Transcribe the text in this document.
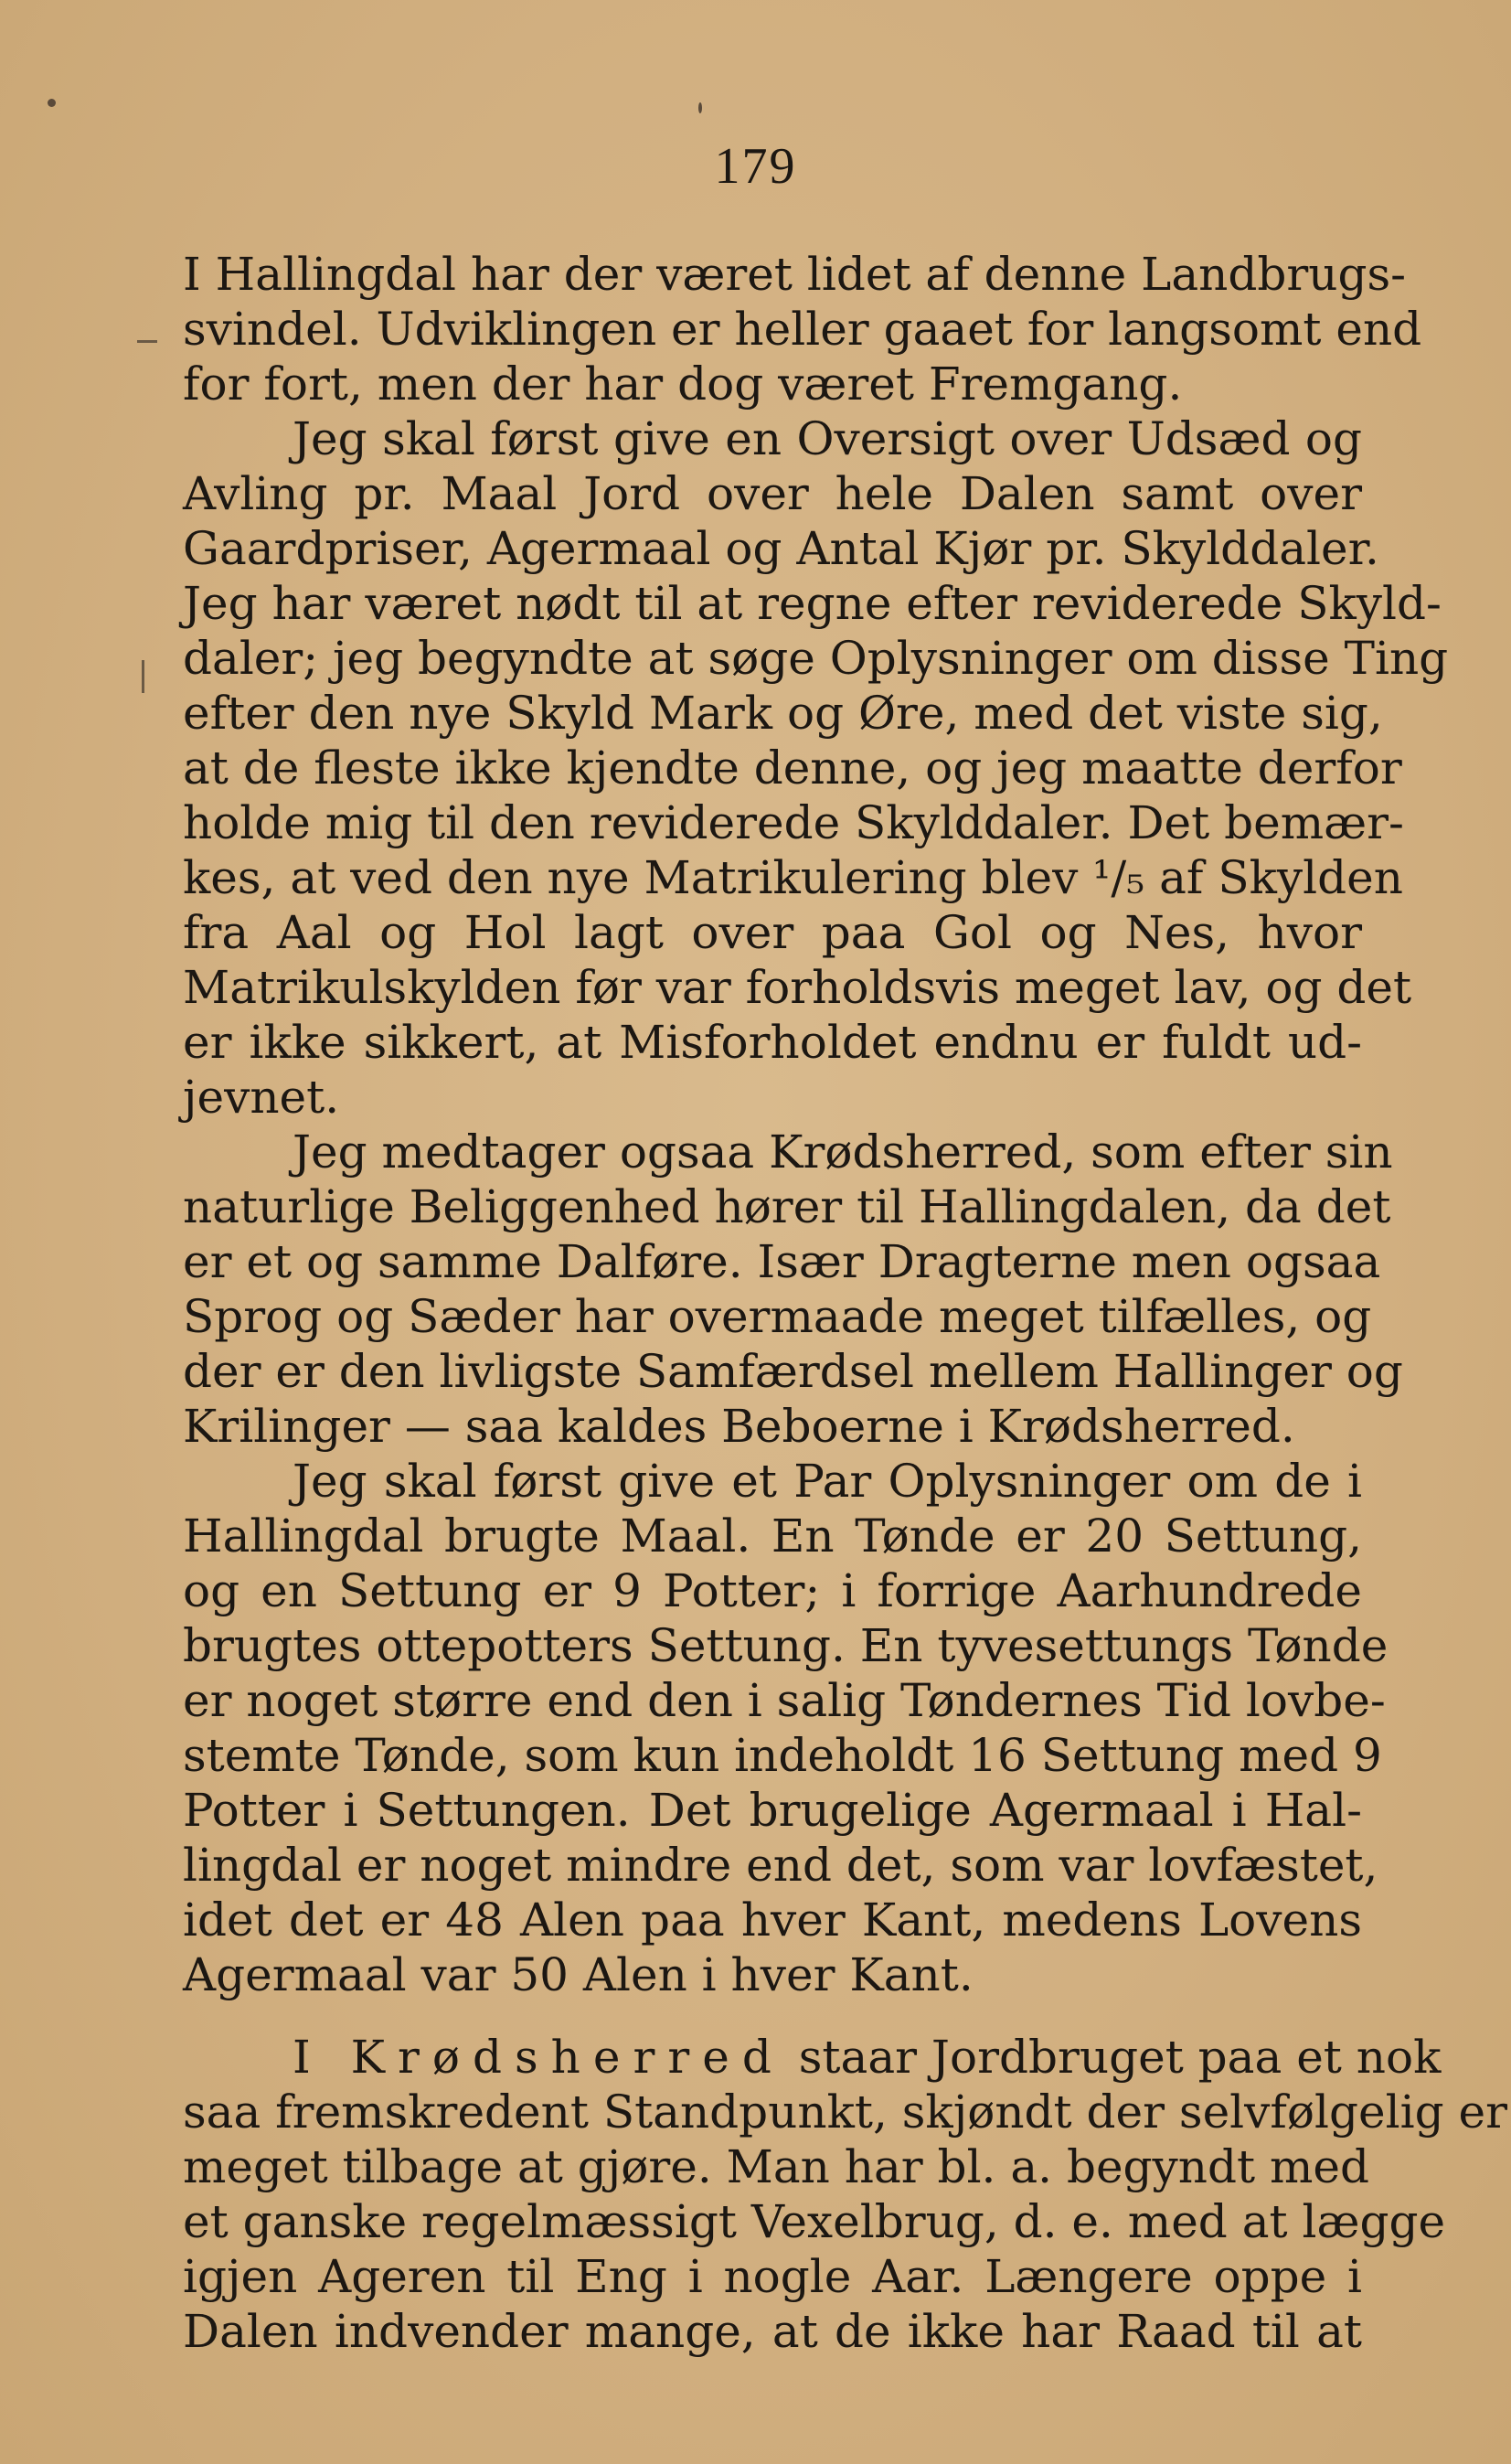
179
I Hallingdal har der været lidet af denne Landbrugs-
svindel. Udviklingen er heller gaaet for langsomt end
for fort, men der har dog været Fremgang.
Jeg skal først give en Oversigt over Udsæd og
Avling pr. Maal Jord over hele Dalen samt over
Gaardpriser, Agermaal og Antal Kjør pr. Skylddaler.
Jeg har været nødt til at regne efter reviderede Skyld-
daler; jeg begyndte at søge Oplysninger om disse Ting
efter den nye Skyld Mark og Øre, med det viste sig,
at de fleste ikke kjendte denne, og jeg maatte derfor
holde mig til den reviderede Skylddaler. Det bemær-
kes, at ved den nye Matrikulering blev ¹/₅ af Skylden
fra Aal og Hol lagt over paa Gol og Nes, hvor
Matrikulskylden før var forholdsvis meget lav, og det
er ikke sikkert, at Misforholdet endnu er fuldt ud-
jevnet.
Jeg medtager ogsaa Krødsherred, som efter sin
naturlige Beliggenhed hører til Hallingdalen, da det
er et og samme Dalføre. Især Dragterne men ogsaa
Sprog og Sæder har overmaade meget tilfælles, og
der er den livligste Samfærdsel mellem Hallinger og
Krilinger — saa kaldes Beboerne i Krødsherred.
Jeg skal først give et Par Oplysninger om de i
Hallingdal brugte Maal. En Tønde er 20 Settung,
og en Settung er 9 Potter; i forrige Aarhundrede
brugtes ottepotters Settung. En tyvesettungs Tønde
er noget større end den i salig Tøndernes Tid lovbe-
stemte Tønde, som kun indeholdt 16 Settung med 9
Potter i Settungen. Det brugelige Agermaal i Hal-
lingdal er noget mindre end det, som var lovfæstet,
idet det er 48 Alen paa hver Kant, medens Lovens
Agermaal var 50 Alen i hver Kant.
I Krødsherred staar Jordbruget paa et nok
saa fremskredent Standpunkt, skjøndt der selvfølgelig er
meget tilbage at gjøre. Man har bl. a. begyndt med
et ganske regelmæssigt Vexelbrug, d. e. med at lægge
igjen Ageren til Eng i nogle Aar. Længere oppe i
Dalen indvender mange, at de ikke har Raad til at
